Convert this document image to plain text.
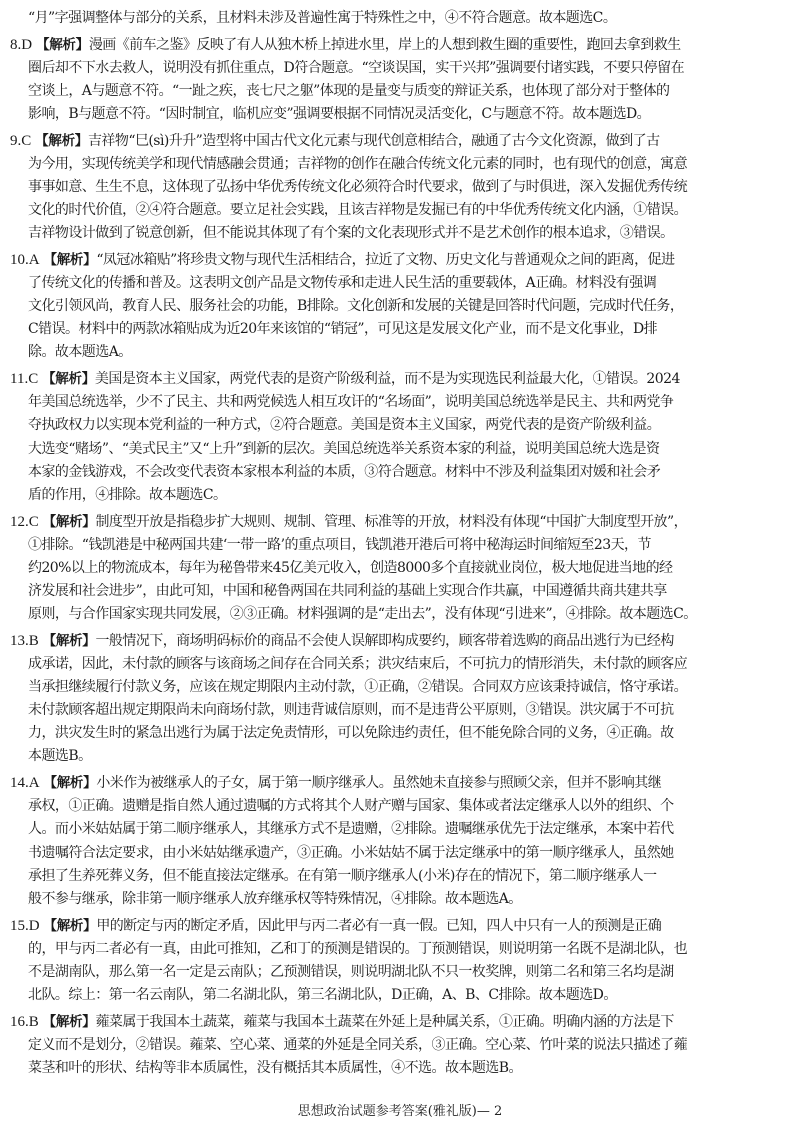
“月”字强调整体与部分的关系，且材料未涉及普遍性寓于特殊性之中，④不符合题意。故本题选C。
8.D 【解析】漫画《前车之鉴》反映了有人从独木桥上掉进水里，岸上的人想到救生圈的重要性，跑回去拿到救生
圈后却不下水去救人，说明没有抓住重点，D符合题意。“空谈误国，实干兴邦”强调要付诸实践，不要只停留在
空谈上，A与题意不符。“一趾之疾，丧七尺之躯”体现的是量变与质变的辩证关系，也体现了部分对于整体的
影响，B与题意不符。“因时制宜，临机应变”强调要根据不同情况灵活变化，C与题意不符。故本题选D。
9.C 【解析】吉祥物“巳(sì)升升”造型将中国古代文化元素与现代创意相结合，融通了古今文化资源，做到了古
为今用，实现传统美学和现代情感融会贯通；吉祥物的创作在融合传统文化元素的同时，也有现代的创意，寓意
事事如意、生生不息，这体现了弘扬中华优秀传统文化必须符合时代要求，做到了与时俱进，深入发掘优秀传统
文化的时代价值，②④符合题意。要立足社会实践，且该吉祥物是发掘已有的中华优秀传统文化内涵，①错误。
吉祥物设计做到了锐意创新，但不能说其体现了有个案的文化表现形式并不是艺术创作的根本追求，③错误。
10.A 【解析】“凤冠冰箱贴”将珍贵文物与现代生活相结合，拉近了文物、历史文化与普通观众之间的距离，促进
了传统文化的传播和普及。这表明文创产品是文物传承和走进人民生活的重要载体，A正确。材料没有强调
文化引领风尚，教育人民、服务社会的功能，B排除。文化创新和发展的关键是回答时代问题，完成时代任务，
C错误。材料中的两款冰箱贴成为近20年来该馆的“销冠”，可见这是发展文化产业，而不是文化事业，D排
除。故本题选A。
11.C 【解析】美国是资本主义国家，两党代表的是资产阶级利益，而不是为实现选民利益最大化，①错误。2024
年美国总统选举，少不了民主、共和两党候选人相互攻讦的“名场面”，说明美国总统选举是民主、共和两党争
夺执政权力以实现本党利益的一种方式，②符合题意。美国是资本主义国家，两党代表的是资产阶级利益。
大选变“赌场”、“美式民主”又“上升”到新的层次。美国总统选举关系资本家的利益，说明美国总统大选是资
本家的金钱游戏，不会改变代表资本家根本利益的本质，③符合题意。材料中不涉及利益集团对媛和社会矛
盾的作用，④排除。故本题选C。
12.C 【解析】制度型开放是指稳步扩大规则、规制、管理、标准等的开放，材料没有体现“中国扩大制度型开放”，
①排除。“钱凯港是中秘两国共建‘一带一路’的重点项目，钱凯港开港后可将中秘海运时间缩短至23天，节
约20%以上的物流成本，每年为秘鲁带来45亿美元收入，创造8000多个直接就业岗位，极大地促进当地的经
济发展和社会进步”，由此可知，中国和秘鲁两国在共同利益的基础上实现合作共赢，中国遵循共商共建共享
原则，与合作国家实现共同发展，②③正确。材料强调的是“走出去”，没有体现“引进来”，④排除。故本题选C。
13.B 【解析】一般情况下，商场明码标价的商品不会使人误解即构成要约，顾客带着选购的商品出逃行为已经构
成承诺，因此，未付款的顾客与该商场之间存在合同关系；洪灾结束后，不可抗力的情形消失，未付款的顾客应
当承担继续履行付款义务，应该在规定期限内主动付款，①正确，②错误。合同双方应该秉持诚信，恪守承诺。
未付款顾客超出规定期限尚未向商场付款，则违背诚信原则，而不是违背公平原则，③错误。洪灾属于不可抗
力，洪灾发生时的紧急出逃行为属于法定免责情形，可以免除违约责任，但不能免除合同的义务，④正确。故
本题选B。
14.A 【解析】小米作为被继承人的子女，属于第一顺序继承人。虽然她未直接参与照顾父亲，但并不影响其继
承权，①正确。遗赠是指自然人通过遗嘱的方式将其个人财产赠与国家、集体或者法定继承人以外的组织、个
人。而小米姑姑属于第二顺序继承人，其继承方式不是遗赠，②排除。遗嘱继承优先于法定继承，本案中若代
书遗嘱符合法定要求，由小米姑姑继承遗产，③正确。小米姑姑不属于法定继承中的第一顺序继承人，虽然她
承担了生养死葬义务，但不能直接法定继承。在有第一顺序继承人(小米)存在的情况下，第二顺序继承人一
般不参与继承，除非第一顺序继承人放弃继承权等特殊情况，④排除。故本题选A。
15.D 【解析】甲的断定与丙的断定矛盾，因此甲与丙二者必有一真一假。已知，四人中只有一人的预测是正确
的，甲与丙二者必有一真，由此可推知，乙和丁的预测是错误的。丁预测错误，则说明第一名既不是湖北队，也
不是湖南队，那么第一名一定是云南队；乙预测错误，则说明湖北队不只一枚奖牌，则第二名和第三名均是湖
北队。综上：第一名云南队，第二名湖北队，第三名湖北队，D正确，A、B、C排除。故本题选D。
16.B 【解析】蕹菜属于我国本土蔬菜，蕹菜与我国本土蔬菜在外延上是种属关系，①正确。明确内涵的方法是下
定义而不是划分，②错误。蕹菜、空心菜、通菜的外延是全同关系，③正确。空心菜、竹叶菜的说法只描述了蕹
菜茎和叶的形状、结构等非本质属性，没有概括其本质属性，④不选。故本题选B。
思想政治试题参考答案(雅礼版)— 2
